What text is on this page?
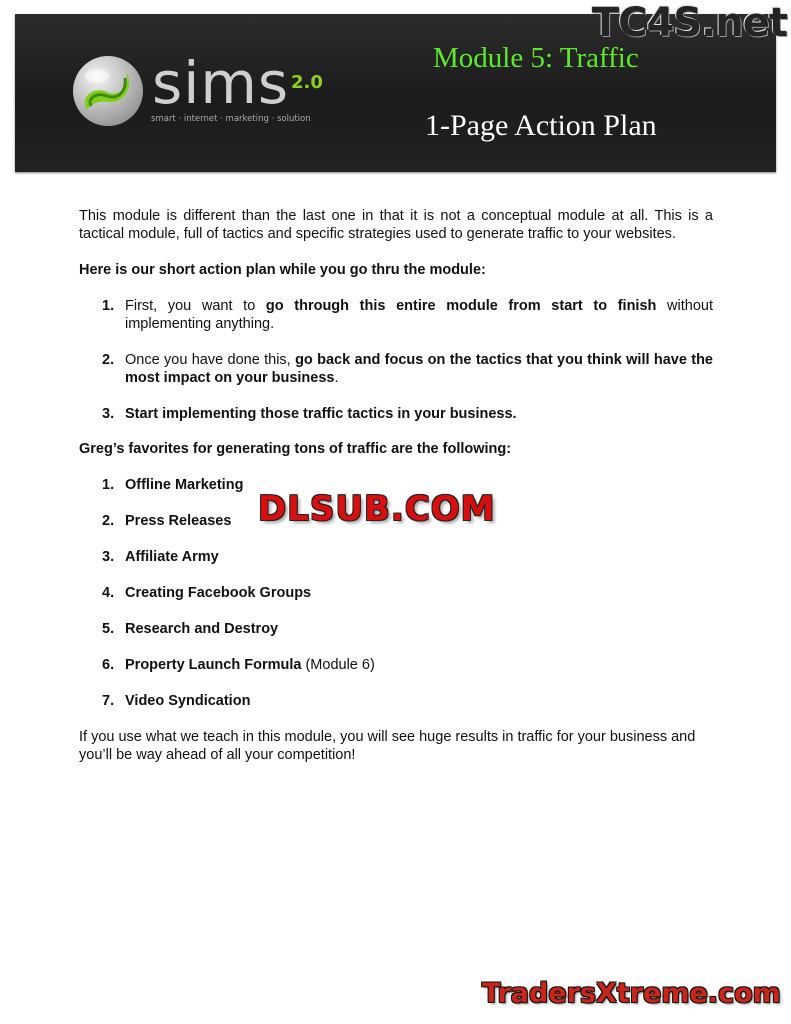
sims 2.0

smart · internet · marketing · solution

Module 5: Traffic

1-Page Action Plan

TC4S.net

This module is different than the last one in that it is not a conceptual module at all. This is a tactical module, full of tactics and specific strategies used to generate traffic to your websites.

Here is our short action plan while you go thru the module:

1. First, you want to go through this entire module from start to finish without implementing anything.
2. Once you have done this, go back and focus on the tactics that you think will have the most impact on your business.
3. Start implementing those traffic tactics in your business.

Greg’s favorites for generating tons of traffic are the following:

1. Offline Marketing
2. Press Releases
3. Affiliate Army
4. Creating Facebook Groups
5. Research and Destroy
6. Property Launch Formula (Module 6)
7. Video Syndication

If you use what we teach in this module, you will see huge results in traffic for your business and you’ll be way ahead of all your competition!

DLSUB.COM

TradersXtreme.com
